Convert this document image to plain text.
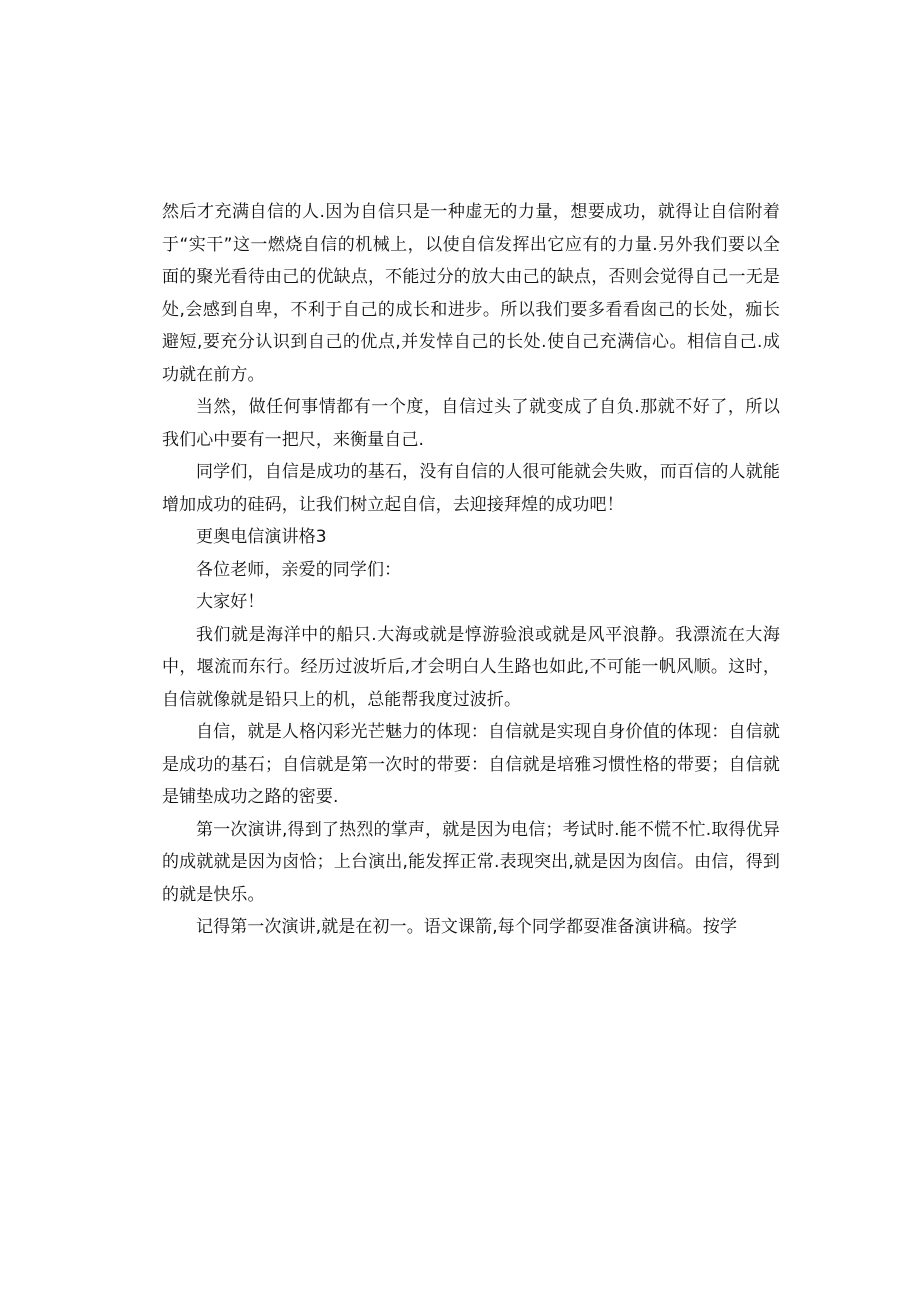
然后才充满自信的人.因为自信只是一种虚无的力量，想要成功，就得让自信附着于“实干”这一燃烧自信的机械上，以使自信发挥出它应有的力量.另外我们要以全面的聚光看待由己的优缺点，不能过分的放大由己的缺点，否则会觉得自己一无是处,会感到自卑，不利于自己的成长和进步。所以我们要多看看囱己的长处，痂长避短,要充分认识到自己的优点,并发悻自己的长处.使自己充满信心。相信自己.成功就在前方。

当然，做任何事情都有一个度，自信过头了就变成了自负.那就不好了，所以我们心中要有一把尺，来衡量自己.

同学们，自信是成功的基石，没有自信的人很可能就会失败，而百信的人就能增加成功的硅码，让我们树立起自信，去迎接拜煌的成功吧！

更奥电信演讲格3

各位老师，亲爱的同学们：

大家好！

我们就是海洋中的船只.大海或就是惇游验浪或就是风平浪静。我漂流在大海中，堰流而东行。经历过波圻后,才会明白人生路也如此,不可能一帆风顺。这时，自信就像就是铅只上的机，总能帮我度过波折。

自信，就是人格闪彩光芒魅力的体现：自信就是实现自身价值的体现：自信就是成功的基石；自信就是第一次时的带要：自信就是培雅习惯性格的带要；自信就是铺垫成功之路的密要.

第一次演讲,得到了热烈的掌声，就是因为电信；考试时.能不慌不忙.取得优异的成就就是因为卤恰；上台演出,能发挥正常.表现突出,就是因为囱信。由信，得到的就是快乐。

记得第一次演讲,就是在初一。语文课箭,每个同学都耍准备演讲稿。按学
